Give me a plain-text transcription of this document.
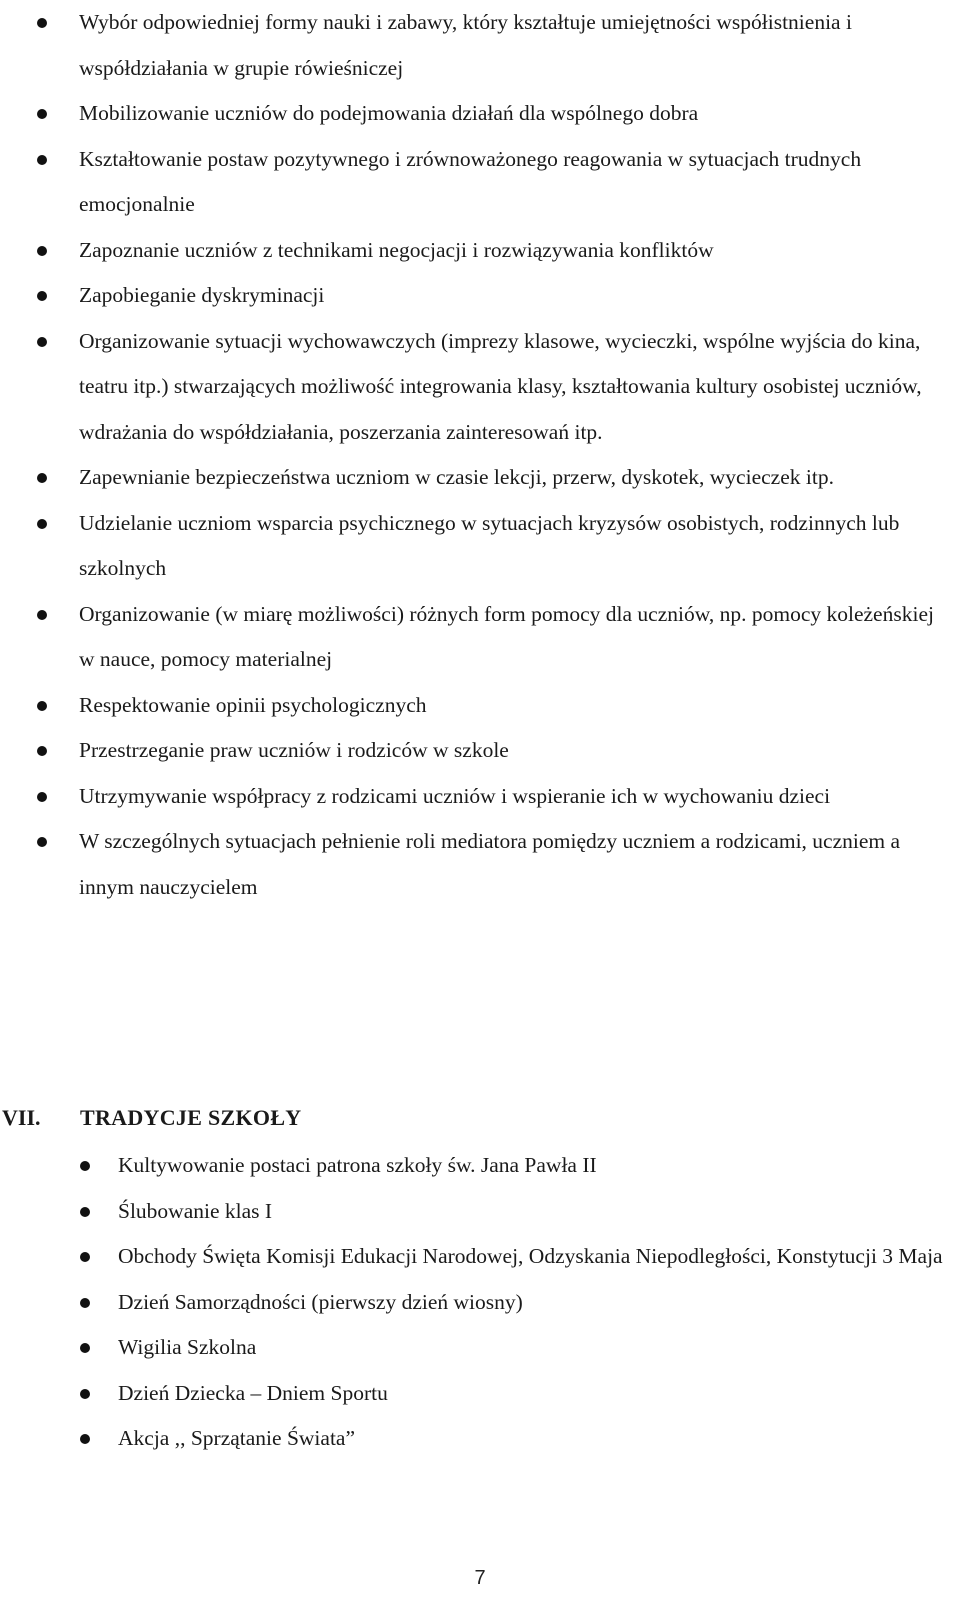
Wybór odpowiedniej formy nauki i zabawy, który kształtuje umiejętności współistnienia i współdziałania w grupie rówieśniczej
Mobilizowanie uczniów do podejmowania działań dla wspólnego dobra
Kształtowanie postaw pozytywnego i zrównoważonego reagowania w sytuacjach trudnych emocjonalnie
Zapoznanie uczniów z technikami negocjacji i rozwiązywania konfliktów
Zapobieganie dyskryminacji
Organizowanie sytuacji wychowawczych (imprezy klasowe, wycieczki, wspólne wyjścia do kina, teatru itp.) stwarzających możliwość integrowania klasy, kształtowania kultury osobistej uczniów, wdrażania do współdziałania, poszerzania zainteresowań itp.
Zapewnianie bezpieczeństwa uczniom w czasie lekcji, przerw, dyskotek, wycieczek itp.
Udzielanie uczniom wsparcia psychicznego w sytuacjach kryzysów osobistych, rodzinnych lub szkolnych
Organizowanie (w miarę możliwości) różnych form pomocy dla uczniów, np. pomocy koleżeńskiej w nauce, pomocy materialnej
Respektowanie opinii psychologicznych
Przestrzeganie praw uczniów i rodziców w szkole
Utrzymywanie współpracy z rodzicami uczniów i wspieranie ich w wychowaniu dzieci
W szczególnych sytuacjach pełnienie roli mediatora pomiędzy uczniem a rodzicami, uczniem a innym nauczycielem
VII. TRADYCJE SZKOŁY
Kultywowanie postaci patrona szkoły św. Jana Pawła II
Ślubowanie klas I
Obchody Święta Komisji Edukacji Narodowej, Odzyskania Niepodległości, Konstytucji 3 Maja
Dzień Samorządności (pierwszy dzień wiosny)
Wigilia Szkolna
Dzień Dziecka – Dniem Sportu
Akcja ,, Sprzątanie Świata”
7
